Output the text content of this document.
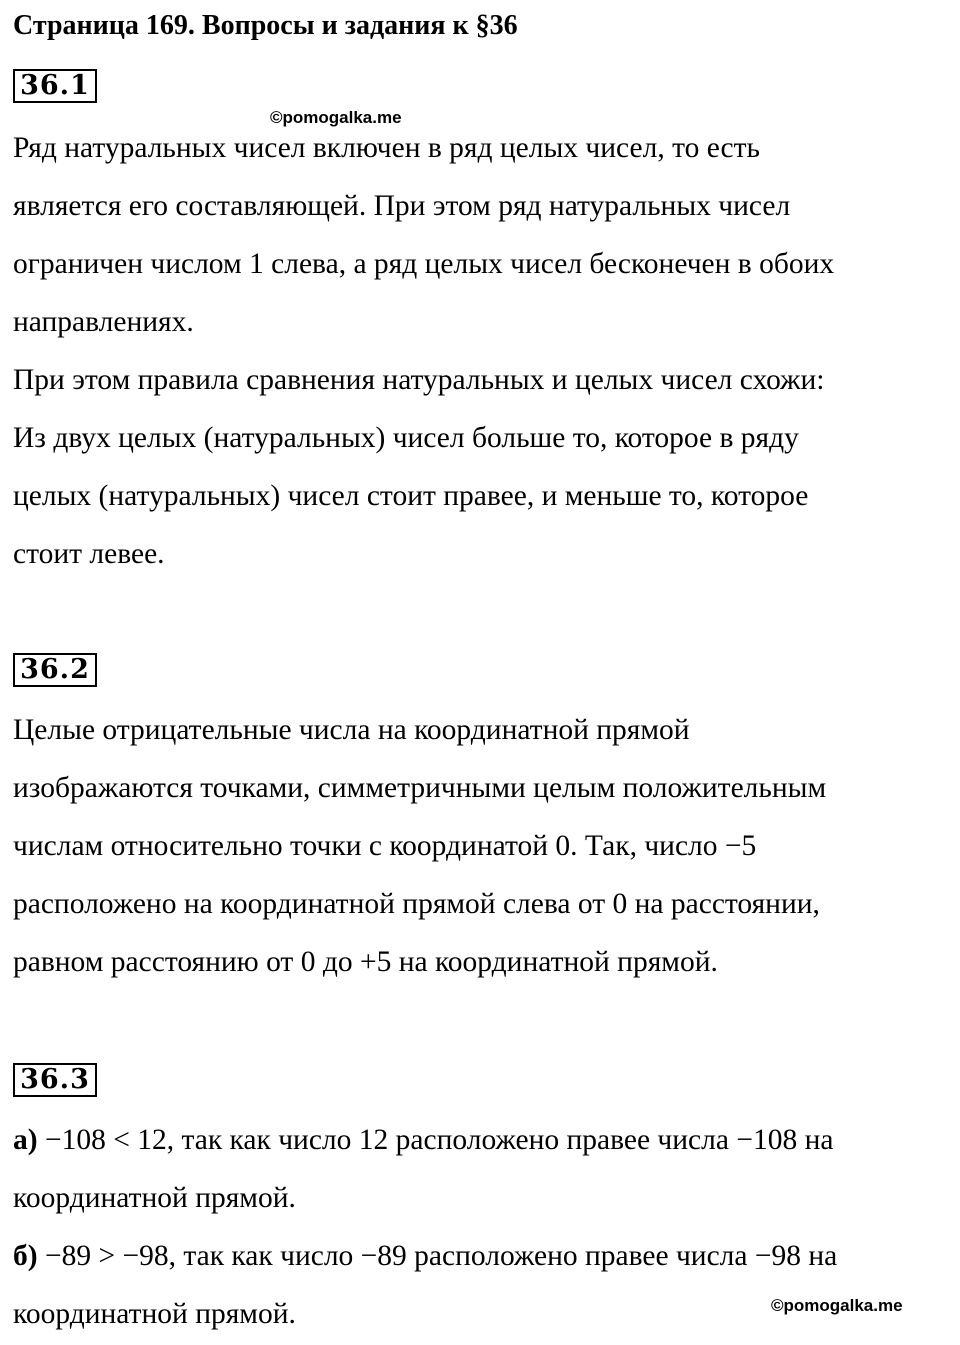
Страница 169. Вопросы и задания к §36
36.1
©pomogalka.me
Ряд натуральных чисел включен в ряд целых чисел, то есть
является его составляющей. При этом ряд натуральных чисел
ограничен числом 1 слева, а ряд целых чисел бесконечен в обоих
направлениях.
При этом правила сравнения натуральных и целых чисел схожи:
Из двух целых (натуральных) чисел больше то, которое в ряду
целых (натуральных) чисел стоит правее, и меньше то, которое
стоит левее.
36.2
Целые отрицательные числа на координатной прямой
изображаются точками, симметричными целым положительным
числам относительно точки с координатой 0. Так, число −5
расположено на координатной прямой слева от 0 на расстоянии,
равном расстоянию от 0 до +5 на координатной прямой.
36.3
а) −108 < 12, так как число 12 расположено правее числа −108 на
координатной прямой.
б) −89 > −98, так как число −89 расположено правее числа −98 на
координатной прямой.	©pomogalka.me
